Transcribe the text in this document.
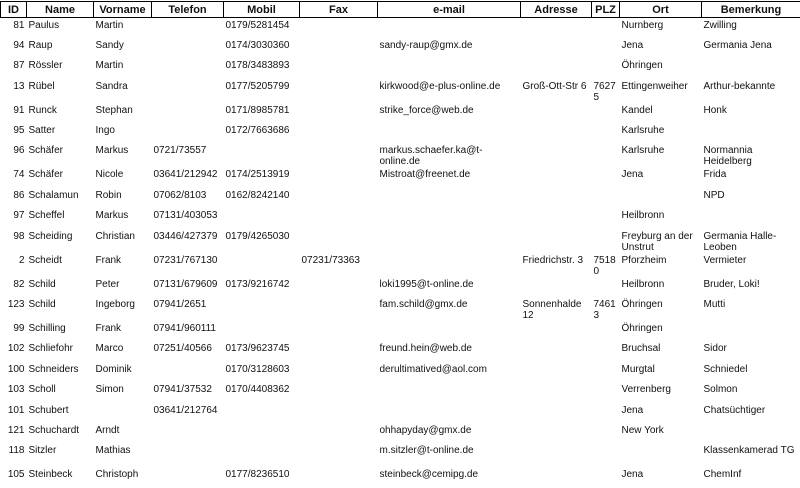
ID	Name	Vorname	Telefon	Mobil	Fax	e-mail	Adresse	PLZ	Ort	Bemerkung
81	Paulus	Martin		0179/5281454					Nurnberg	Zwilling
94	Raup	Sandy		0174/3030360		sandy-raup@gmx.de			Jena	Germania Jena
87	Rössler	Martin		0178/3483893					Öhringen	
13	Rübel	Sandra		0177/5205799		kirkwood@e-plus-online.de	Groß-Ott-Str 6	76275	Ettingenweiher	Arthur-bekannte
91	Runck	Stephan		0171/8985781		strike_force@web.de			Kandel	Honk
95	Satter	Ingo		0172/7663686					Karlsruhe	
96	Schäfer	Markus	0721/73557			markus.schaefer.ka@t-online.de			Karlsruhe	Normannia Heidelberg
74	Schäfer	Nicole	03641/212942	0174/2513919		Mistroat@freenet.de			Jena	Frida
86	Schalamun	Robin	07062/8103	0162/8242140						NPD
97	Scheffel	Markus	07131/403053						Heilbronn	
98	Scheiding	Christian	03446/427379	0179/4265030					Freyburg an der Unstrut	Germania Halle-Leoben
2	Scheidt	Frank	07231/767130		07231/73363		Friedrichstr. 3	75180	Pforzheim	Vermieter
82	Schild	Peter	07131/679609	0173/9216742		loki1995@t-online.de			Heilbronn	Bruder, Loki!
123	Schild	Ingeborg	07941/2651			fam.schild@gmx.de	Sonnenhalde 12	74613	Öhringen	Mutti
99	Schilling	Frank	07941/960111						Öhringen	
102	Schliefohr	Marco	07251/40566	0173/9623745		freund.hein@web.de			Bruchsal	Sidor
100	Schneiders	Dominik		0170/3128603		derultimatived@aol.com			Murgtal	Schniedel
103	Scholl	Simon	07941/37532	0170/4408362					Verrenberg	Solmon
101	Schubert		03641/212764						Jena	Chatsüchtiger
121	Schuchardt	Arndt				ohhapyday@gmx.de			New York	
118	Sitzler	Mathias				m.sitzler@t-online.de				Klassenkamerad TG
105	Steinbeck	Christoph		0177/8236510		steinbeck@cemipg.de			Jena	ChemInf
